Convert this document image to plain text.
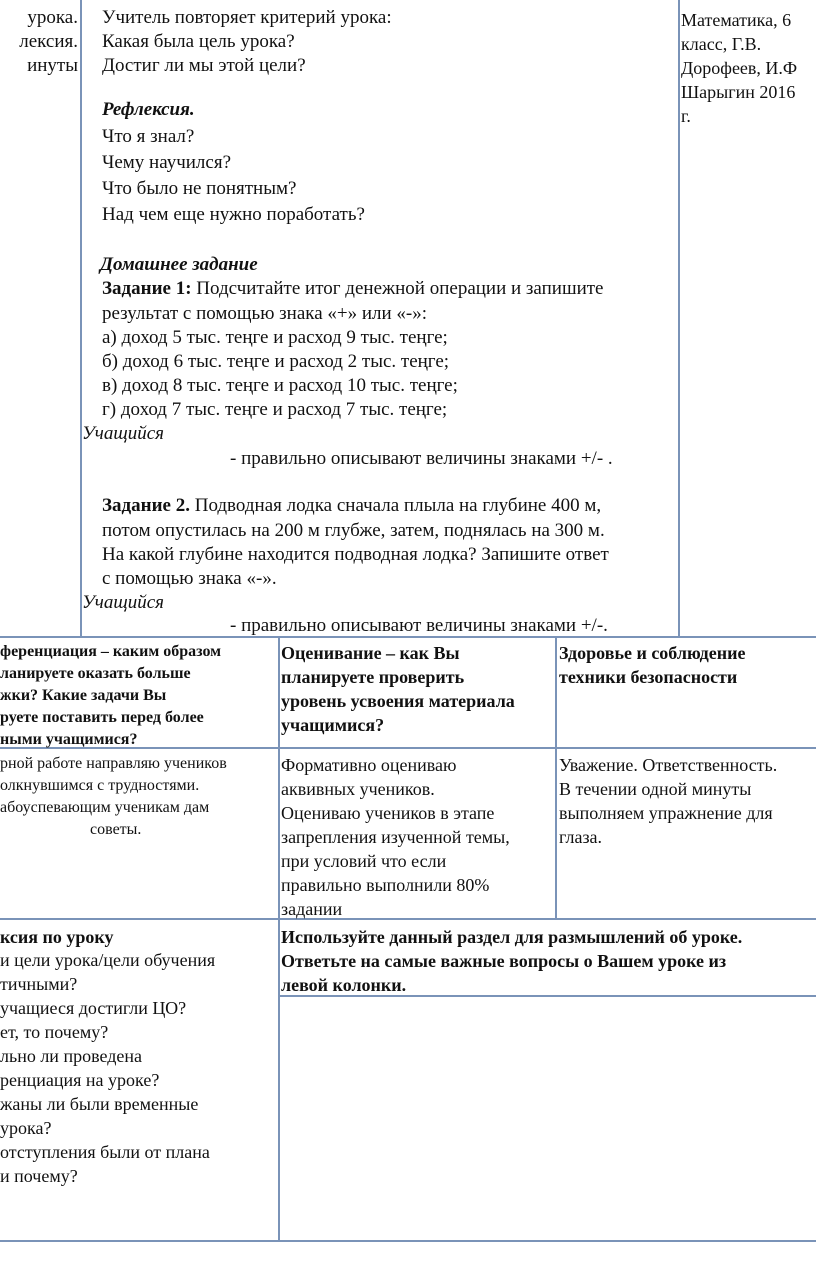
урока.
лексия.
инуты
Учитель повторяет критерий урока:
Какая была цель урока?
Достиг ли мы этой цели?
Рефлексия.
Что я знал?
Чему научился?
Что было не понятным?
Над чем еще нужно поработать?
Домашнее задание
Задание 1: Подсчитайте итог денежной операции и запишите
результат с помощью знака «+» или «-»:
а) доход 5 тыс. теңге и расход 9 тыс. теңге;
б) доход 6 тыс. теңге и расход 2 тыс. теңге;
в) доход 8 тыс. теңге и расход 10 тыс. теңге;
г) доход 7 тыс. теңге и расход 7 тыс. теңге;
Учащийся
- правильно описывают величины знаками +/- .
Задание 2. Подводная лодка сначала плыла на глубине 400 м,
потом опустилась на 200 м глубже, затем, поднялась на 300 м.
На какой глубине находится подводная лодка? Запишите ответ
с помощью знака «-».
Учащийся
- правильно описывают величины знаками +/-.
Математика, 6
класс, Г.В.
Дорофеев, И.Ф
Шарыгин 2016
г.
ференциация – каким образом
ланируете оказать больше
жки? Какие задачи Вы
руете поставить перед более
ными учащимися?
Оценивание – как Вы
планируете проверить
уровень усвоения материала
учащимися?
Здоровье и соблюдение
техники безопасности
рной работе направляю учеников
олкнувшимся с трудностями.
абоуспевающим ученикам дам
советы.
Формативно оцениваю
аквивных учеников.
Оцениваю учеников в этапе
запрепления изученной темы,
при условий что если
правильно выполнили 80%
задании
Уважение. Ответственность.
В течении одной минуты
выполняем упражнение для
глаза.
ксия по уроку
и цели урока/цели обучения
тичными?
учащиеся достигли ЦО?
ет, то почему?
льно ли проведена
ренциация на уроке?
жаны ли были временные
урока?
отступления были от плана
и почему?
Используйте данный раздел для размышлений об уроке.
Ответьте на самые важные вопросы о Вашем уроке из
левой колонки.
